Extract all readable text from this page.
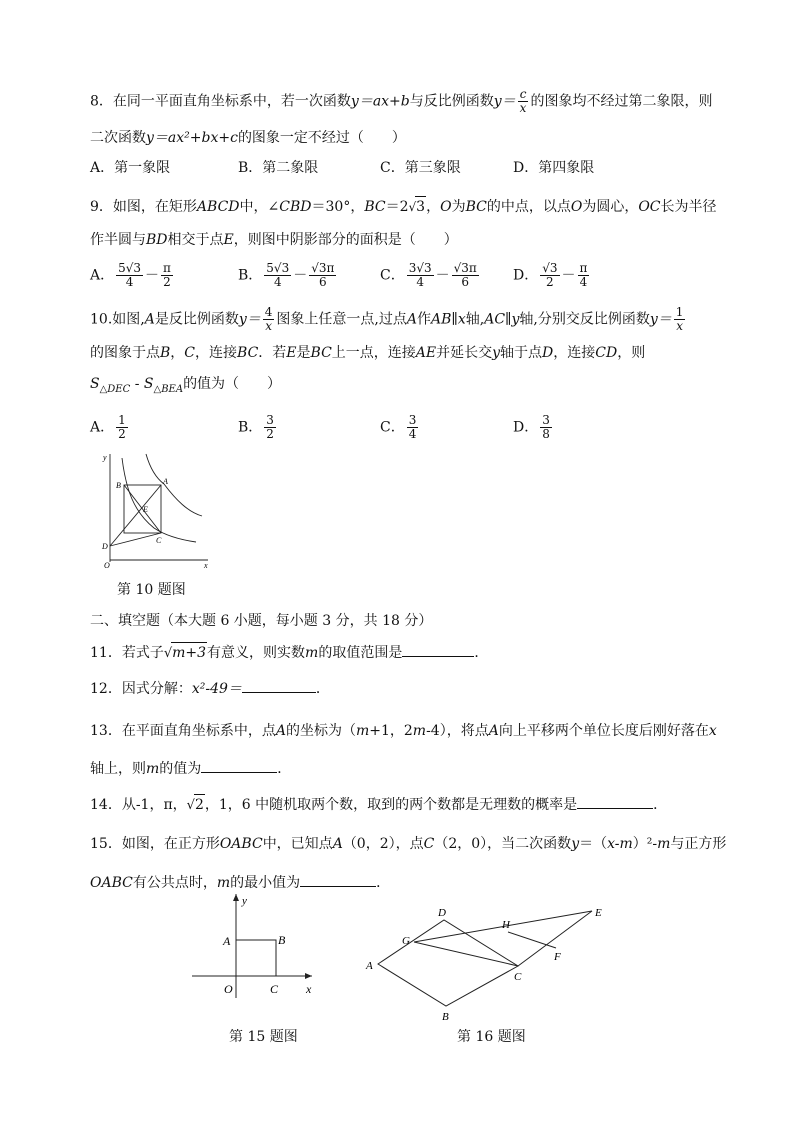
8．在同一平面直角坐标系中，若一次函数y＝ax+b与反比例函数$y= \frac{c}{x}$ 的图象均不经过第二象限，则
二次函数y＝ax²+bx+c的图象一定不经过（　　）
A．第一象限	B．第二象限	C．第三象限	D．第四象限
9．如图，在矩形ABCD中，∠CBD＝30°，BC＝2√3，O为BC的中点，以点O为圆心，OC长为半径
作半圆与BD相交于点E，则图中阴影部分的面积是（　　）
A． $\frac{5√3}{4} - \frac{\pi}{2}$	B． $\frac{5√3}{4} - \frac{√3\pi}{6}$	C． $\frac{3√3}{4} - \frac{√3\pi}{6}$ D． $\frac{√3}{2} - \frac{\pi}{4}$
10.如图,A是反比例函数$y= \frac{4}{x}$ 图象上任意一点,过点A作AB∥x轴,AC∥y轴,分别交反比例函数$y= \frac{1}{x}$
的图象于点B，C，连接BC．若E是BC上一点，连接AE并延长交y轴于点D，连接CD，则
$S_{\triangle DEC} - S_{\triangle BEA}$的值为（　　）
A． $\frac{1}{2}$	B． $\frac{3}{2}$	C． $\frac{3}{4}$	D． $\frac{3}{8}$
y
x
O
A
B
C
D
E
第 10 题图
二、填空题（本大题 6 小题，每小题 3 分，共 18 分）
11．若式子√m+3有意义，则实数m的取值范围是	．
12．因式分解：x²-49＝	．
13．在平面直角坐标系中，点A的坐标为（m+1，2m-4），将点A向上平移两个单位长度后刚好落在x
轴上，则m的值为	．
14．从-1，π，√2，1，6 中随机取两个数，取到的两个数都是无理数的概率是	．
15．如图，在正方形OABC中，已知点A（0，2），点C（2，0），当二次函数y＝（x-m）²-m与正方形
OABC有公共点时，m的最小值为	．
y
x
O
A	B
C
第 15 题图
A
B
C
D	E
F
G
H
第 16 题图
